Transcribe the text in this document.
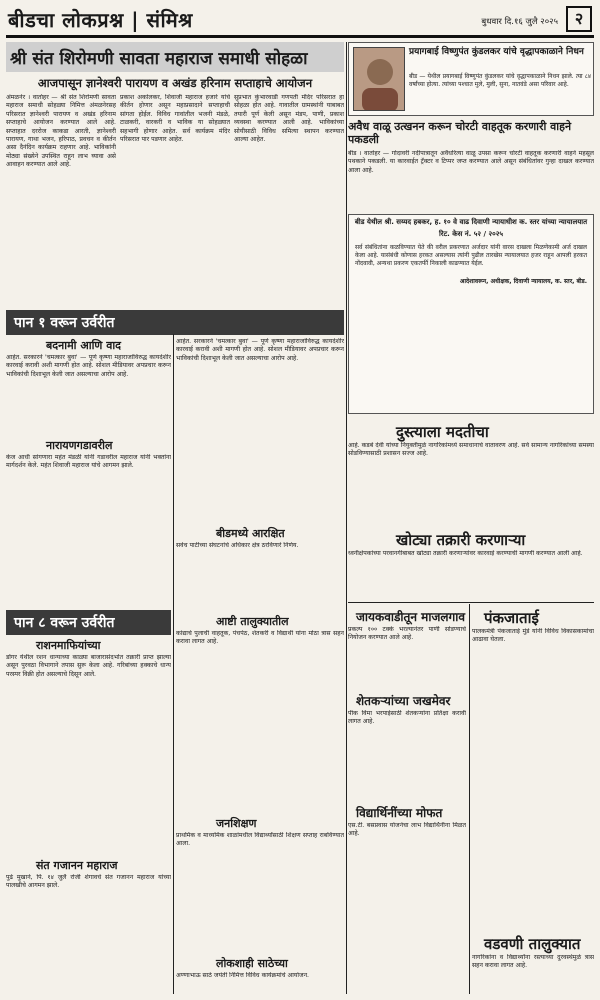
बीडचा लोकप्रश्न | संमिश्र	बुधवार दि.१६ जुलै २०२५	२
श्री संत शिरोमणी सावता महाराज समाधी सोहळा
आजपासून ज्ञानेश्वरी पारायण व अखंड हरिनाम सप्ताहाचे आयोजन
अंमळनेर । वार्ताहर — श्री संत शिरोमणी सावता महाराज समाधी सोहळ्या निमित्त अंमळनेरसह परिसरात ज्ञानेश्वरी पारायण व अखंड हरिनाम सप्ताहाचे आयोजन करण्यात आले आहे. सप्ताहात दररोज काकडा आरती, ज्ञानेश्वरी पारायण, गाथा भजन, हरिपाठ, प्रवचन व कीर्तन असा दैनंदिन कार्यक्रम राहणार आहे. भाविकांनी मोठ्या संख्येने उपस्थित राहून लाभ घ्यावा असे आवाहन करण्यात आले आहे.
प्रकाश अकोलकर, शिवाजी महाराज हजारे यांचे कीर्तन होणार असून महाप्रसादाने सप्ताहाची सांगता होईल. विविध गावांतील भजनी मंडळे, टाळकरी, वारकरी व भाविक या सोहळ्यात सहभागी होणार आहेत. सर्व कार्यक्रम मंदिर परिसरात पार पडणार आहेत.
सुप्रभात कुंभारवाडी गणपती मंदिर परिसरात हा सोहळा होत आहे. गावातील ग्रामस्थांनी याबाबत तयारी पूर्ण केली असून मंडप, पाणी, प्रकाश व्यवस्था करण्यात आली आहे. भाविकांच्या सोयीसाठी विविध समित्या स्थापन करण्यात आल्या आहेत.
प्रयागबाई विष्णुपंत कुंडलकर यांचे वृद्धापकाळाने निधन
बीड — येथील प्रयागबाई विष्णुपंत कुंडलकर यांचे वृद्धापकाळाने निधन झाले. त्या ८४ वर्षांच्या होत्या. त्यांच्या पश्चात मुले, मुली, सुना, नातवंडे असा परिवार आहे.
अवैध वाळू उत्खनन करून चोरटी वाहतूक करणारी वाहने पकडली
बीड । वार्ताहर — गोदावरी नदीपात्रातून अवैधरित्या वाळू उपसा करून चोरटी वाहतूक करणारी वाहने महसूल पथकाने पकडली. या कारवाईत ट्रॅक्टर व टिप्पर जप्त करण्यात आले असून संबंधितांवर गुन्हा दाखल करण्यात आला आहे.
बीड येथील श्री. सय्यद हबकर, ह. १० वे वाढ दिवाणी न्यायाधीश क. स्तर यांच्या न्यायालयात
रिट. केस नं. ५२ / २०२५
सर्व संबंधितांना कळविण्यात येते की वरील प्रकरणात अर्जदार यांनी वारस दाखला मिळणेकामी अर्ज दाखल केला आहे. यासंबंधी कोणास हरकत असल्यास त्यांनी पुढील तारखेस न्यायालयात हजर राहून आपली हरकत नोंदवावी, अन्यथा प्रकरण एकतर्फी निकाली काढण्यात येईल.
आदेशावरून, अधीक्षक, दिवाणी न्यायालय, क. स्तर, बीड.
पान १ वरून उर्वरीत
बदनामी आणि वाद
आहेत. सरकारने 'चमत्कार बुवा' — पूर्ण कृष्णा महाराजांविरुद्ध कायदेशीर कारवाई करावी अशी मागणी होत आहे. सोशल मीडियावर अपप्रचार करून भाविकांची दिशाभूल केली जात असल्याचा आरोप आहे.
नारायणगडावरील
केज आधी सांगणारा महंत मंडळी यांनी गडावरील महाराज यांनी भक्तांना मार्गदर्शन केले. महंत शिवाजी महाराज यांचे आगमन झाले.
आहेत. सरकारने 'चमत्कार बुवा' — पूर्ण कृष्णा महाराजांविरुद्ध कायदेशीर कारवाई करावी अशी मागणी होत आहे. सोशल मीडियावर अपप्रचार करून भाविकांची दिशाभूल केली जात असल्याचा आरोप आहे.
बीडमध्ये आरक्षित
सर्वच पार्टीच्या संघटनांचे अधिकार क्षेत्र ठरविणारे निर्णय.
पान ८ वरून उर्वरीत
राशनमाफियांच्या
डोंगर येथील रशन धान्याच्या काळ्या बाजारासंदर्भात तक्रारी प्राप्त झाल्या असून पुरवठा विभागाने तपास सुरू केला आहे. गरिबांच्या हक्काचे धान्य परस्पर विक्री होत असल्याचे दिसून आले.
संत गजानन महाराज
पुढे मुखाने, पि. १४ जुलै रोजी शेगावचे संत गजानन महाराज यांच्या पालखीचे आगमन झाले.
आष्टी तालुक्यातील
कांद्याचे पुलाची वाहतूक, पंचपेठ, शेतकरी व विद्यार्थी यांना मोठा त्रास सहन करावा लागत आहे.
जनशिक्षण
प्राथमिक व माध्यमिक शाळांमधील विद्यार्थ्यांसाठी शिक्षण सप्ताह राबविण्यात आला.
लोकशाही साठेच्या
अण्णाभाऊ साठे जयंती निमित्त विविध कार्यक्रमांचे आयोजन.
दुस्त्याला मदतीचा
आहे. कडबे देवी यांच्या नियुक्तीमुळे नागरिकांमध्ये समाधानाचे वातावरण आहे. सर्व सामान्य नागरिकांच्या समस्या सोडविण्यासाठी प्रशासन सज्ज आहे.
खोट्या तक्रारी करणाऱ्या
ध्वनीक्षेपकांच्या परवानगीबाबत खोट्या तक्रारी करणाऱ्यांवर कारवाई करण्याची मागणी करण्यात आली आहे.
जायकवाडीतून माजलगाव
प्रकल्प १०० टक्के भरल्यानंतर पाणी सोडण्याचे नियोजन करण्यात आले आहे.
शेतकऱ्यांच्या जखमेवर
पीक विमा भरपाईसाठी शेतकऱ्यांना प्रतिक्षा करावी लागत आहे.
विद्यार्थिनींच्या मोफत
एस.टी. बसप्रवास योजनेचा लाभ विद्यार्थिनींना मिळत आहे.
पंकजाताई
पालकमंत्री पंकजाताई मुंडे यांनी विविध विकासकामांचा आढावा घेतला.
वडवणी तालुक्यात
नागरिकांना व विद्यार्थ्यांना रस्त्याच्या दुरवस्थेमुळे त्रास सहन करावा लागत आहे.
